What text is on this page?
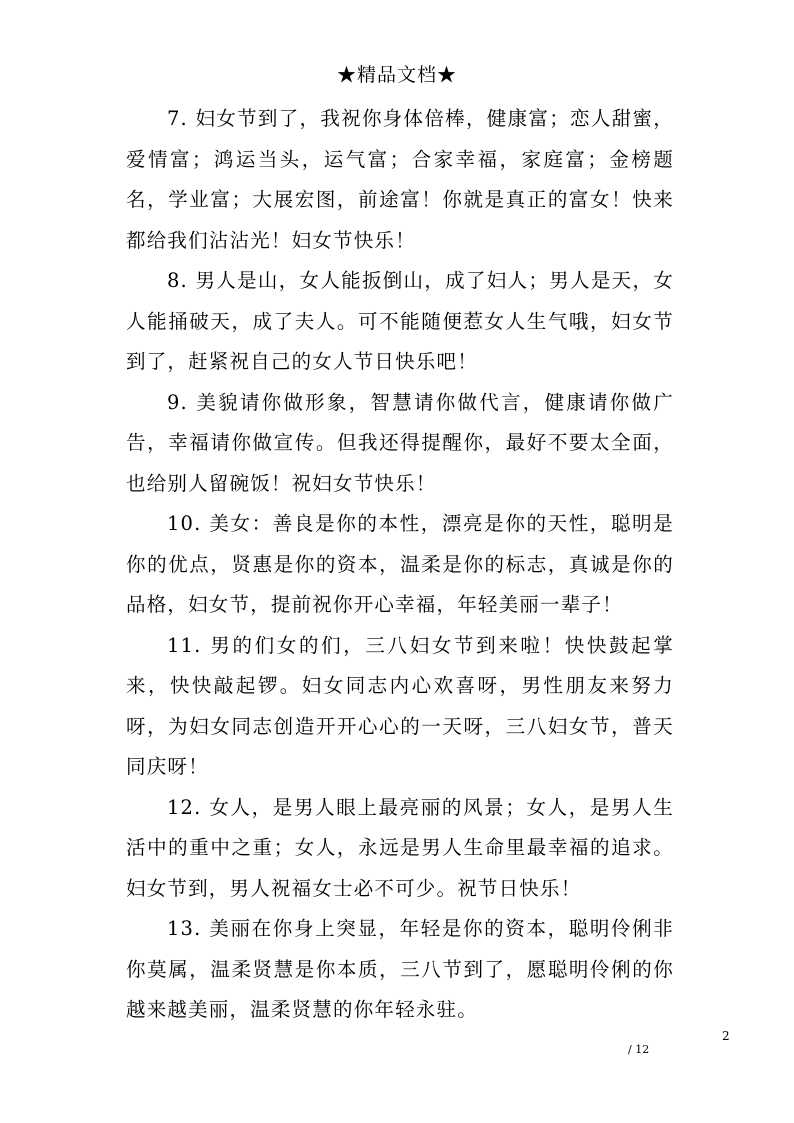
★精品文档★

7. 妇女节到了，我祝你身体倍棒，健康富；恋人甜蜜，爱情富；鸿运当头，运气富；合家幸福，家庭富；金榜题名，学业富；大展宏图，前途富！你就是真正的富女！快来都给我们沾沾光！妇女节快乐！

8. 男人是山，女人能扳倒山，成了妇人；男人是天，女人能捅破天，成了夫人。可不能随便惹女人生气哦，妇女节到了，赶紧祝自己的女人节日快乐吧！

9. 美貌请你做形象，智慧请你做代言，健康请你做广告，幸福请你做宣传。但我还得提醒你，最好不要太全面，也给别人留碗饭！祝妇女节快乐！

10. 美女：善良是你的本性，漂亮是你的天性，聪明是你的优点，贤惠是你的资本，温柔是你的标志，真诚是你的品格，妇女节，提前祝你开心幸福，年轻美丽一辈子！

11. 男的们女的们，三八妇女节到来啦！快快鼓起掌来，快快敲起锣。妇女同志内心欢喜呀，男性朋友来努力呀，为妇女同志创造开开心心的一天呀，三八妇女节，普天同庆呀！

12. 女人，是男人眼上最亮丽的风景；女人，是男人生活中的重中之重；女人，永远是男人生命里最幸福的追求。妇女节到，男人祝福女士必不可少。祝节日快乐！

13. 美丽在你身上突显，年轻是你的资本，聪明伶俐非你莫属，温柔贤慧是你本质，三八节到了，愿聪明伶俐的你越来越美丽，温柔贤慧的你年轻永驻。

2
/ 12
